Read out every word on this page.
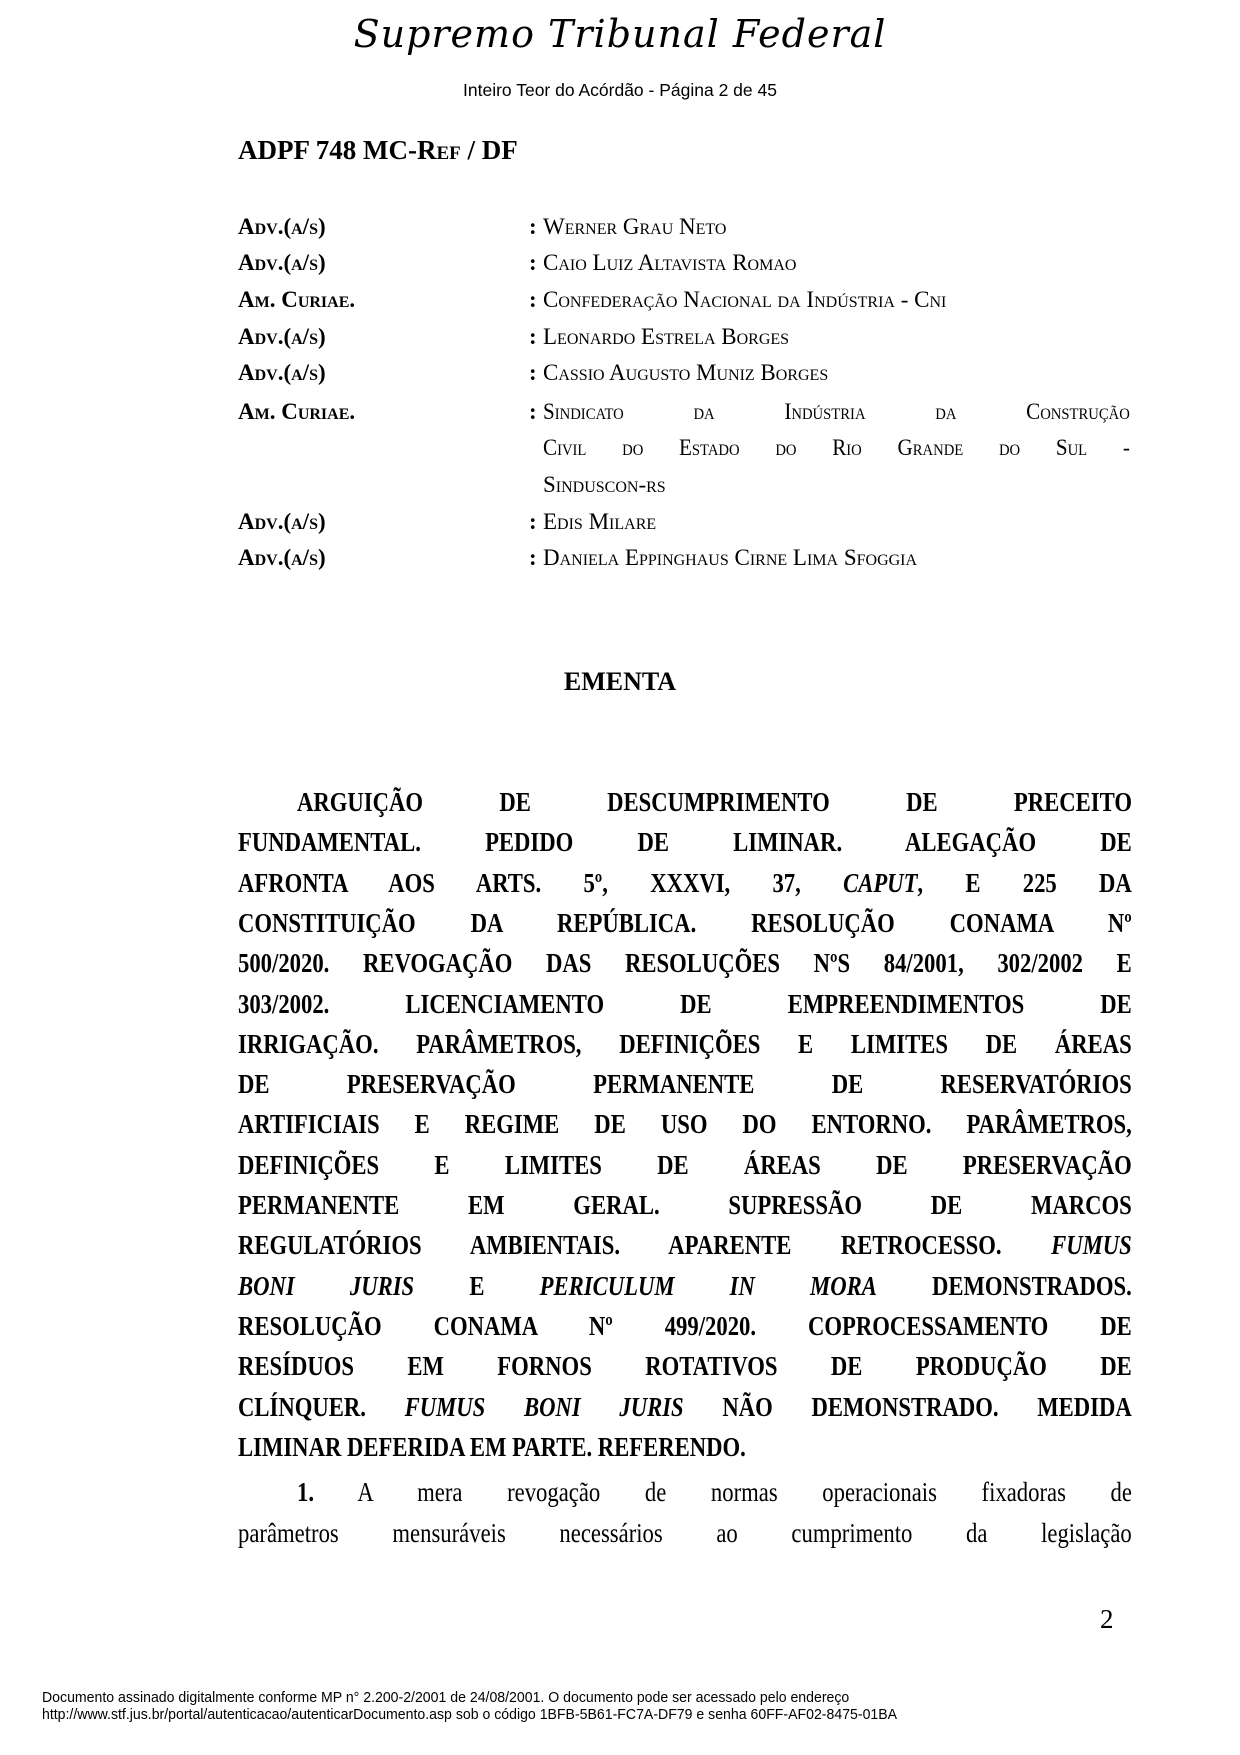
Supremo Tribunal Federal
Inteiro Teor do Acórdão - Página 2 de 45
ADPF 748 MC-Ref / DF
Adv.(a/s)	: Werner Grau Neto
Adv.(a/s)	: Caio Luiz Altavista Romao
Am. Curiae.	: Confederação Nacional da Indústria - Cni
Adv.(a/s)	: Leonardo Estrela Borges
Adv.(a/s)	: Cassio Augusto Muniz Borges
Am. Curiae.	: Sindicato da Indústria da Construção
Civil do Estado do Rio Grande do Sul -
Sinduscon-rs
Adv.(a/s)	: Edis Milare
Adv.(a/s)	: Daniela Eppinghaus Cirne Lima Sfoggia
EMENTA
ARGUIÇÃO DE DESCUMPRIMENTO DE PRECEITO
FUNDAMENTAL. PEDIDO DE LIMINAR. ALEGAÇÃO DE
AFRONTA AOS ARTS. 5º, XXXVI, 37, CAPUT, E 225 DA
CONSTITUIÇÃO DA REPÚBLICA. RESOLUÇÃO CONAMA Nº
500/2020. REVOGAÇÃO DAS RESOLUÇÕES NºS 84/2001, 302/2002 E
303/2002. LICENCIAMENTO DE EMPREENDIMENTOS DE
IRRIGAÇÃO. PARÂMETROS, DEFINIÇÕES E LIMITES DE ÁREAS
DE PRESERVAÇÃO PERMANENTE DE RESERVATÓRIOS
ARTIFICIAIS E REGIME DE USO DO ENTORNO. PARÂMETROS,
DEFINIÇÕES E LIMITES DE ÁREAS DE PRESERVAÇÃO
PERMANENTE EM GERAL. SUPRESSÃO DE MARCOS
REGULATÓRIOS AMBIENTAIS. APARENTE RETROCESSO. FUMUS
BONI JURIS E PERICULUM IN MORA DEMONSTRADOS.
RESOLUÇÃO CONAMA Nº 499/2020. COPROCESSAMENTO DE
RESÍDUOS EM FORNOS ROTATIVOS DE PRODUÇÃO DE
CLÍNQUER. FUMUS BONI JURIS NÃO DEMONSTRADO. MEDIDA
LIMINAR DEFERIDA EM PARTE. REFERENDO.
1. A mera revogação de normas operacionais fixadoras de
parâmetros mensuráveis necessários ao cumprimento da legislação
2
Documento assinado digitalmente conforme MP n° 2.200-2/2001 de 24/08/2001. O documento pode ser acessado pelo endereço
http://www.stf.jus.br/portal/autenticacao/autenticarDocumento.asp sob o código 1BFB-5B61-FC7A-DF79 e senha 60FF-AF02-8475-01BA
